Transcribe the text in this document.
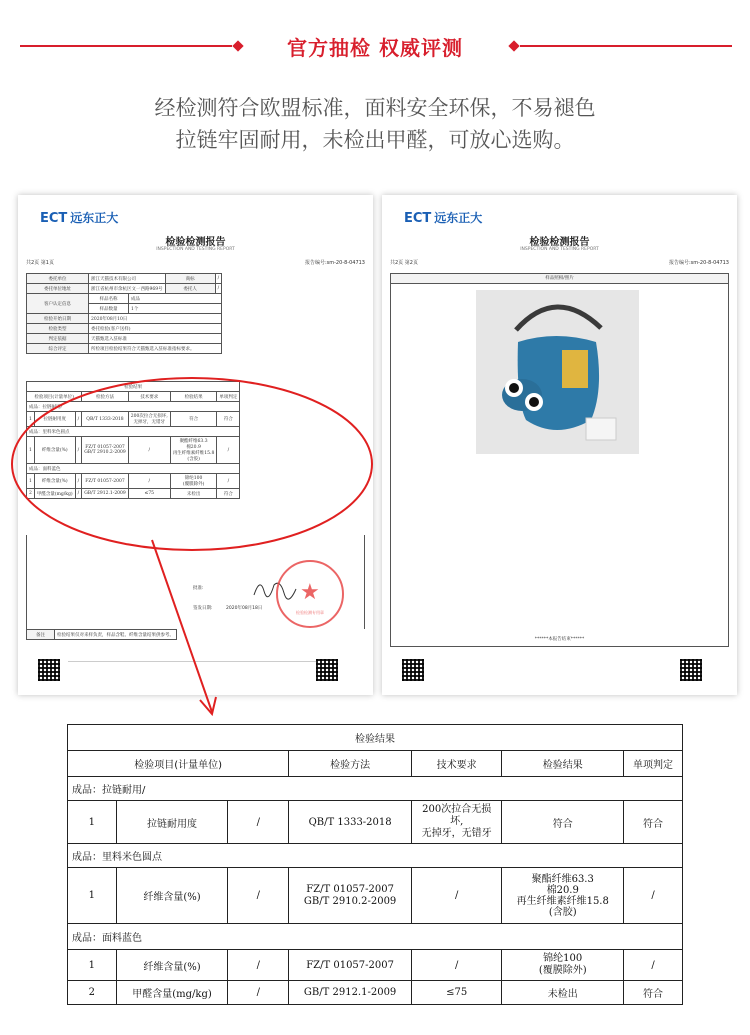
官方抽检 权威评测
经检测符合欧盟标准，面料安全环保，不易褪色
拉链牢固耐用，未检出甲醛，可放心选购。
ECT 远东正大
检验检测报告
INSPECTION AND TESTING REPORT
共2页 第1页	报告编号:sm-20-8-04713
委托单位	浙江天猫技术有限公司		商标	/
委托单位地址	浙江省杭州市余杭区文一西路969号		委托人	/
客户认定信息	样品名称	成品		
	样品数量	1个		
检验开始日期	2020年08月10日			
检验类型	委托检验(客户送样)			
判定依据	天猫甄选入驻标准			
综合评定	所检项目检验结果符合天猫甄选入驻标准指标要求。			
检验结果						
检验项目(计量单位)			检验方法	技术要求	检验结果	单项判定
成品：拉链耐用/						
1	拉链耐用度	/	QB/T 1333-2018	200次拉合无损坏,
无掉牙，无错牙	符合	符合
成品：里料米色圆点						
1	纤维含量(%)	/	FZ/T 01057-2007
GB/T 2910.2-2009	/	聚酯纤维63.3
棉20.9
再生纤维素纤维15.8
(含胶)	/
成品：面料蓝色						
1	纤维含量(%)	/	FZ/T 01057-2007	/	锦纶100
(覆膜除外)	/
2	甲醛含量(mg/kg)	/	GB/T 2912.1-2009	≤75	未检出	符合
批准:
签发日期:	2020年08月18日
★
检验检测专用章
备注	检验结果仅对来样负责，样品含鞋、纤维含量结果供参考。
ECT 远东正大
检验检测报告
INSPECTION AND TESTING REPORT
共2页 第2页	报告编号:sm-20-8-04713
样品照相/照片
******本报告结束******
检验结果						
检验项目(计量单位)			检验方法	技术要求	检验结果	单项判定
成品：拉链耐用/						
1	拉链耐用度	/	QB/T 1333-2018	200次拉合无损坏,
无掉牙，无错牙	符合	符合
成品：里料米色圆点						
1	纤维含量(%)	/	FZ/T 01057-2007
GB/T 2910.2-2009	/	聚酯纤维63.3
棉20.9
再生纤维素纤维15.8
(含胶)	/
成品：面料蓝色						
1	纤维含量(%)	/	FZ/T 01057-2007	/	锦纶100
(覆膜除外)	/
2	甲醛含量(mg/kg)	/	GB/T 2912.1-2009	≤75	未检出	符合
